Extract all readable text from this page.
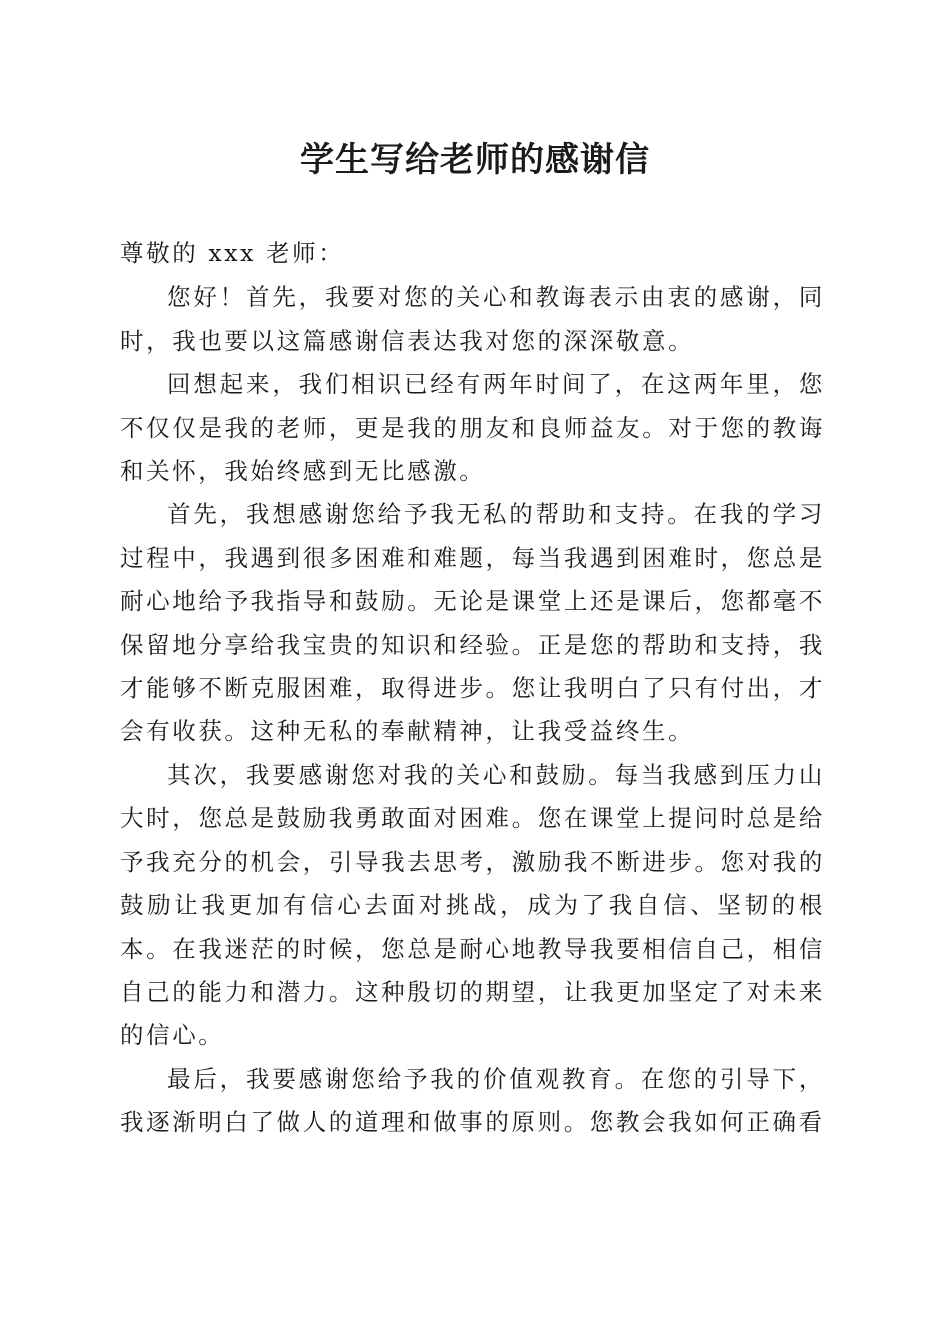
学生写给老师的感谢信

尊敬的 xxx 老师：

您好！首先，我要对您的关心和教诲表示由衷的感谢，同时，我也要以这篇感谢信表达我对您的深深敬意。

回想起来，我们相识已经有两年时间了，在这两年里，您不仅仅是我的老师，更是我的朋友和良师益友。对于您的教诲和关怀，我始终感到无比感激。

首先，我想感谢您给予我无私的帮助和支持。在我的学习过程中，我遇到很多困难和难题，每当我遇到困难时，您总是耐心地给予我指导和鼓励。无论是课堂上还是课后，您都毫不保留地分享给我宝贵的知识和经验。正是您的帮助和支持，我才能够不断克服困难，取得进步。您让我明白了只有付出，才会有收获。这种无私的奉献精神，让我受益终生。

其次，我要感谢您对我的关心和鼓励。每当我感到压力山大时，您总是鼓励我勇敢面对困难。您在课堂上提问时总是给予我充分的机会，引导我去思考，激励我不断进步。您对我的鼓励让我更加有信心去面对挑战，成为了我自信、坚韧的根本。在我迷茫的时候，您总是耐心地教导我要相信自己，相信自己的能力和潜力。这种殷切的期望，让我更加坚定了对未来的信心。

最后，我要感谢您给予我的价值观教育。在您的引导下，我逐渐明白了做人的道理和做事的原则。您教会我如何正确看
